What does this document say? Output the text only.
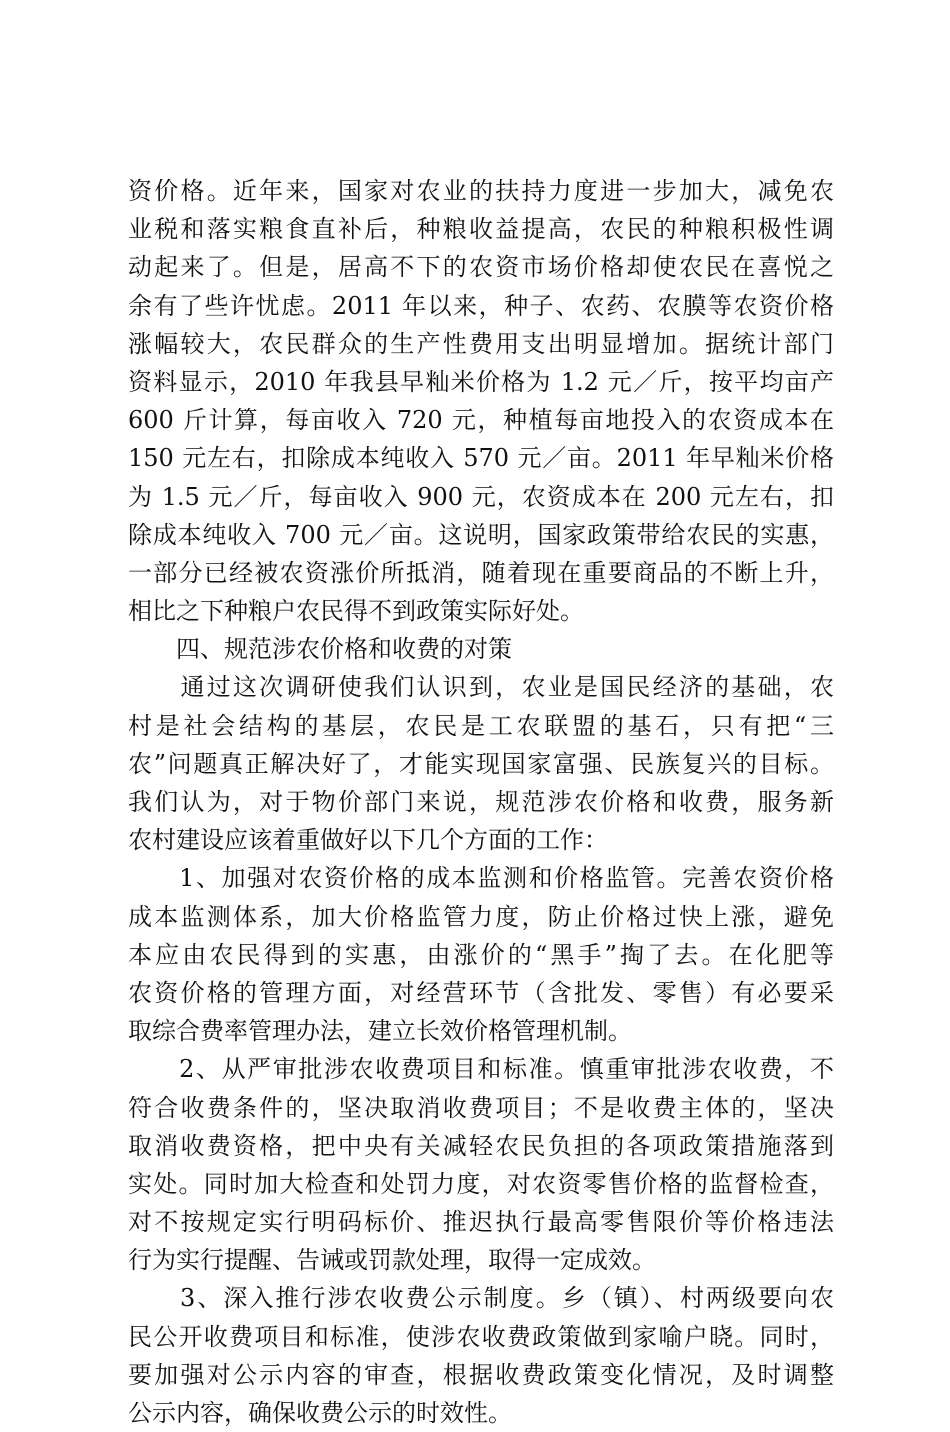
资价格。近年来，国家对农业的扶持力度进一步加大，减免农
业税和落实粮食直补后，种粮收益提高，农民的种粮积极性调
动起来了。但是，居高不下的农资市场价格却使农民在喜悦之
余有了些许忧虑。2011 年以来，种子、农药、农膜等农资价格
涨幅较大，农民群众的生产性费用支出明显增加。据统计部门
资料显示，2010 年我县早籼米价格为 1.2 元／斤，按平均亩产
600 斤计算，每亩收入 720 元，种植每亩地投入的农资成本在
150 元左右，扣除成本纯收入 570 元／亩。2011 年早籼米价格
为 1.5 元／斤，每亩收入 900 元，农资成本在 200 元左右，扣
除成本纯收入 700 元／亩。这说明，国家政策带给农民的实惠，
一部分已经被农资涨价所抵消，随着现在重要商品的不断上升，
相比之下种粮户农民得不到政策实际好处。
　　四、规范涉农价格和收费的对策
　　通过这次调研使我们认识到，农业是国民经济的基础，农
村是社会结构的基层，农民是工农联盟的基石，只有把“三
农”问题真正解决好了，才能实现国家富强、民族复兴的目标。
我们认为，对于物价部门来说，规范涉农价格和收费，服务新
农村建设应该着重做好以下几个方面的工作：
　　1、加强对农资价格的成本监测和价格监管。完善农资价格
成本监测体系，加大价格监管力度，防止价格过快上涨，避免
本应由农民得到的实惠，由涨价的“黑手”掏了去。在化肥等
农资价格的管理方面，对经营环节（含批发、零售）有必要采
取综合费率管理办法，建立长效价格管理机制。
　　2、从严审批涉农收费项目和标准。慎重审批涉农收费，不
符合收费条件的，坚决取消收费项目；不是收费主体的，坚决
取消收费资格，把中央有关减轻农民负担的各项政策措施落到
实处。同时加大检查和处罚力度，对农资零售价格的监督检查，
对不按规定实行明码标价、推迟执行最高零售限价等价格违法
行为实行提醒、告诫或罚款处理，取得一定成效。
　　3、深入推行涉农收费公示制度。乡（镇）、村两级要向农
民公开收费项目和标准，使涉农收费政策做到家喻户晓。同时，
要加强对公示内容的审查，根据收费政策变化情况，及时调整
公示内容，确保收费公示的时效性。
